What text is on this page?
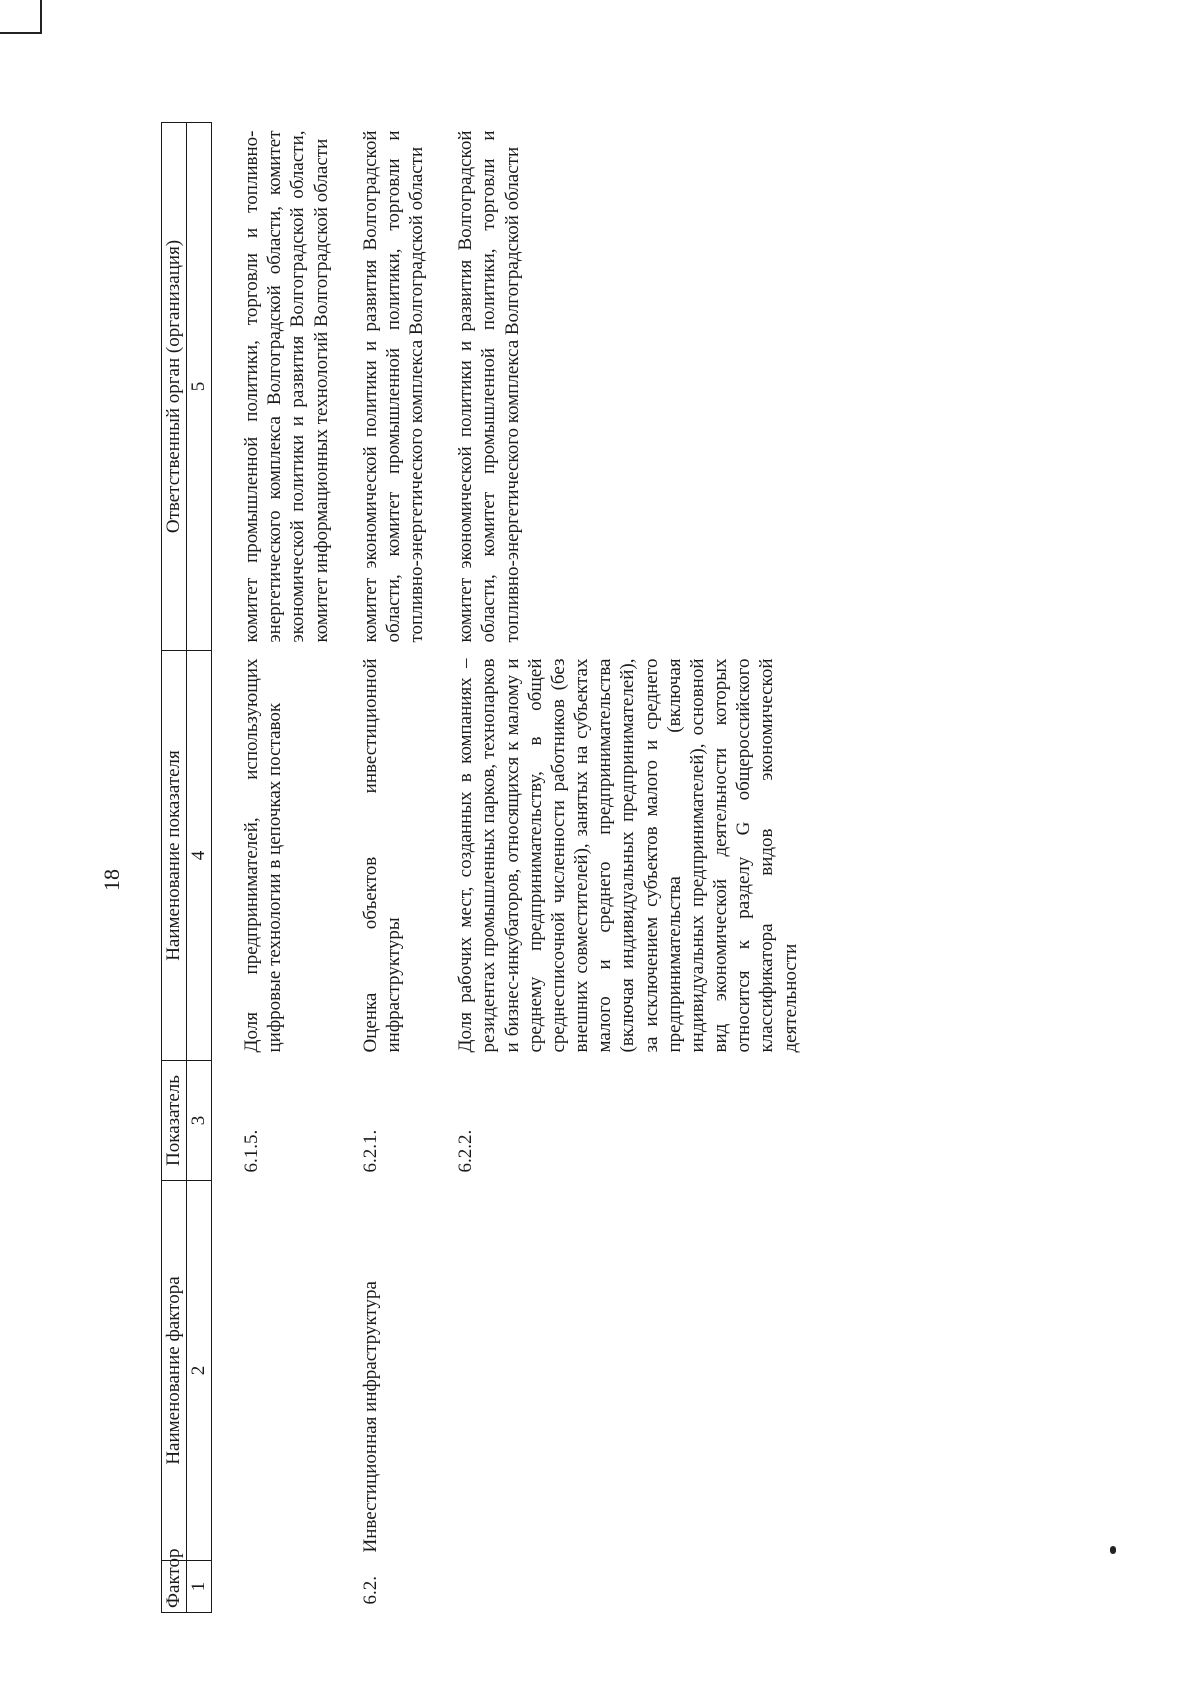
18
Фактор	Наименование фактора	Показатель	Наименование показателя	Ответственный орган (организация)
1	2	3	4	5
		6.1.5.	Доля предпринимателей, использующих цифровые технологии в цепочках поставок	комитет промышленной политики, торговли и топливно-энергетического комплекса Волгоградской области, комитет экономической политики и развития Волгоградской области, комитет информационных технологий Волгоградской области
6.2.	Инвестиционная инфраструктура	6.2.1.	Оценка объектов инвестиционной инфраструктуры	комитет экономической политики и развития Волгоградской области, комитет промышленной политики, торговли и топливно-энергетического комплекса Волгоградской области
		6.2.2.	Доля рабочих мест, созданных в компаниях – резидентах промышленных парков, технопарков и бизнес-инкубаторов, относящихся к малому и среднему предпринимательству, в общей среднесписочной численности работников (без внешних совместителей), занятых на субъектах малого и среднего предпринимательства (включая индивидуальных предпринимателей), за исключением субъектов малого и среднего предпринимательства (включая индивидуальных предпринимателей), основной вид экономической деятельности которых относится к разделу G общероссийского классификатора видов экономической деятельности	комитет экономической политики и развития Волгоградской области, комитет промышленной политики, торговли и топливно-энергетического комплекса Волгоградской области
